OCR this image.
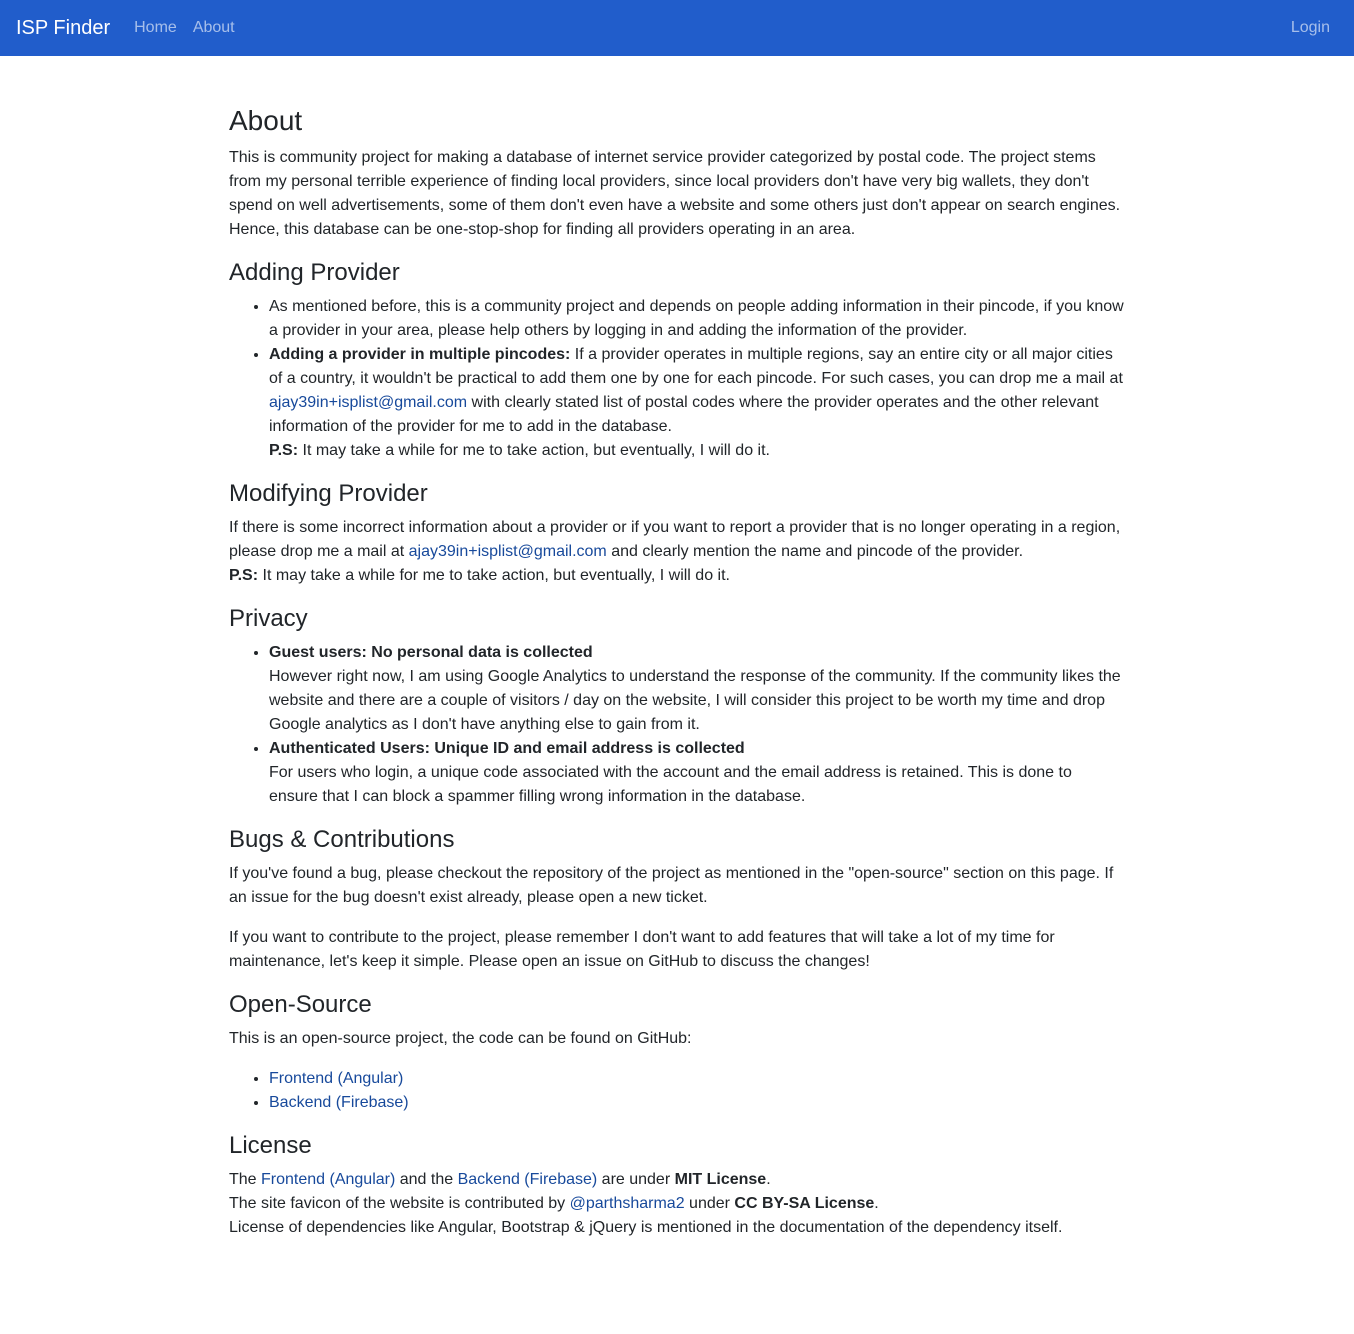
ISP Finder	Home	About	Login
About

This is community project for making a database of internet service provider categorized by postal code. The project stems from my personal terrible experience of finding local providers, since local providers don't have very big wallets, they don't spend on well advertisements, some of them don't even have a website and some others just don't appear on search engines. Hence, this database can be one-stop-shop for finding all providers operating in an area.

Adding Provider
• As mentioned before, this is a community project and depends on people adding information in their pincode, if you know a provider in your area, please help others by logging in and adding the information of the provider.
• Adding a provider in multiple pincodes: If a provider operates in multiple regions, say an entire city or all major cities of a country, it wouldn't be practical to add them one by one for each pincode. For such cases, you can drop me a mail at ajay39in+isplist@gmail.com with clearly stated list of postal codes where the provider operates and the other relevant information of the provider for me to add in the database.
P.S: It may take a while for me to take action, but eventually, I will do it.
Modifying Provider

If there is some incorrect information about a provider or if you want to report a provider that is no longer operating in a region, please drop me a mail at ajay39in+isplist@gmail.com and clearly mention the name and pincode of the provider.
P.S: It may take a while for me to take action, but eventually, I will do it.

Privacy
• Guest users: No personal data is collected
However right now, I am using Google Analytics to understand the response of the community. If the community likes the website and there are a couple of visitors / day on the website, I will consider this project to be worth my time and drop Google analytics as I don't have anything else to gain from it.
• Authenticated Users: Unique ID and email address is collected
For users who login, a unique code associated with the account and the email address is retained. This is done to ensure that I can block a spammer filling wrong information in the database.
Bugs & Contributions

If you've found a bug, please checkout the repository of the project as mentioned in the "open-source" section on this page. If an issue for the bug doesn't exist already, please open a new ticket.

If you want to contribute to the project, please remember I don't want to add features that will take a lot of my time for maintenance, let's keep it simple. Please open an issue on GitHub to discuss the changes!

Open-Source

This is an open-source project, the code can be found on GitHub:

• Frontend (Angular)
• Backend (Firebase)
License

The Frontend (Angular) and the Backend (Firebase) are under MIT License.
The site favicon of the website is contributed by @parthsharma2 under CC BY-SA License.
License of dependencies like Angular, Bootstrap & jQuery is mentioned in the documentation of the dependency itself.
